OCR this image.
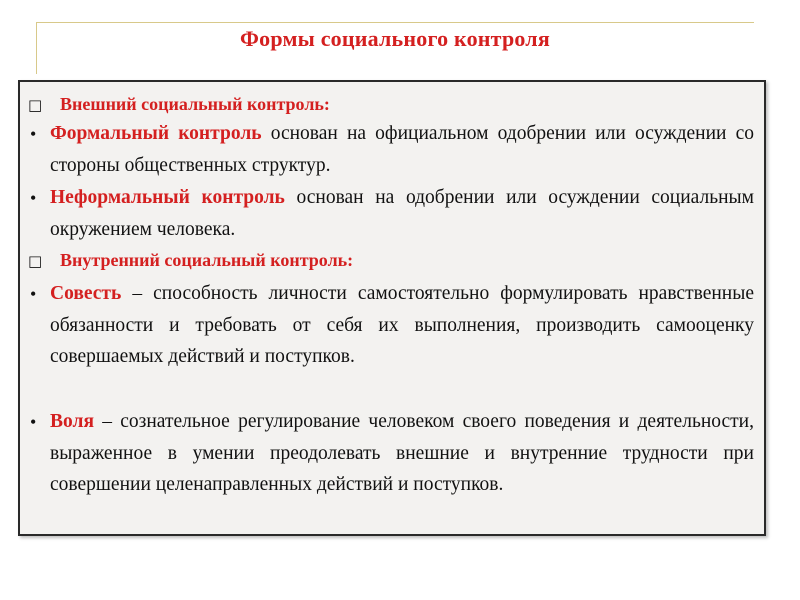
Формы социального контроля
□ Внешний социальный контроль:
• Формальный контроль основан на официальном одобрении или осуждении со стороны общественных структур.
• Неформальный контроль основан на одобрении или осуждении социальным окружением человека.
□ Внутренний социальный контроль:
• Совесть – способность личности самостоятельно формулировать нравственные обязанности и требовать от себя их выполнения, производить самооценку совершаемых действий и поступков.
• Воля – сознательное регулирование человеком своего поведения и деятельности, выраженное в умении преодолевать внешние и внутренние трудности при совершении целенаправленных действий и поступков.
